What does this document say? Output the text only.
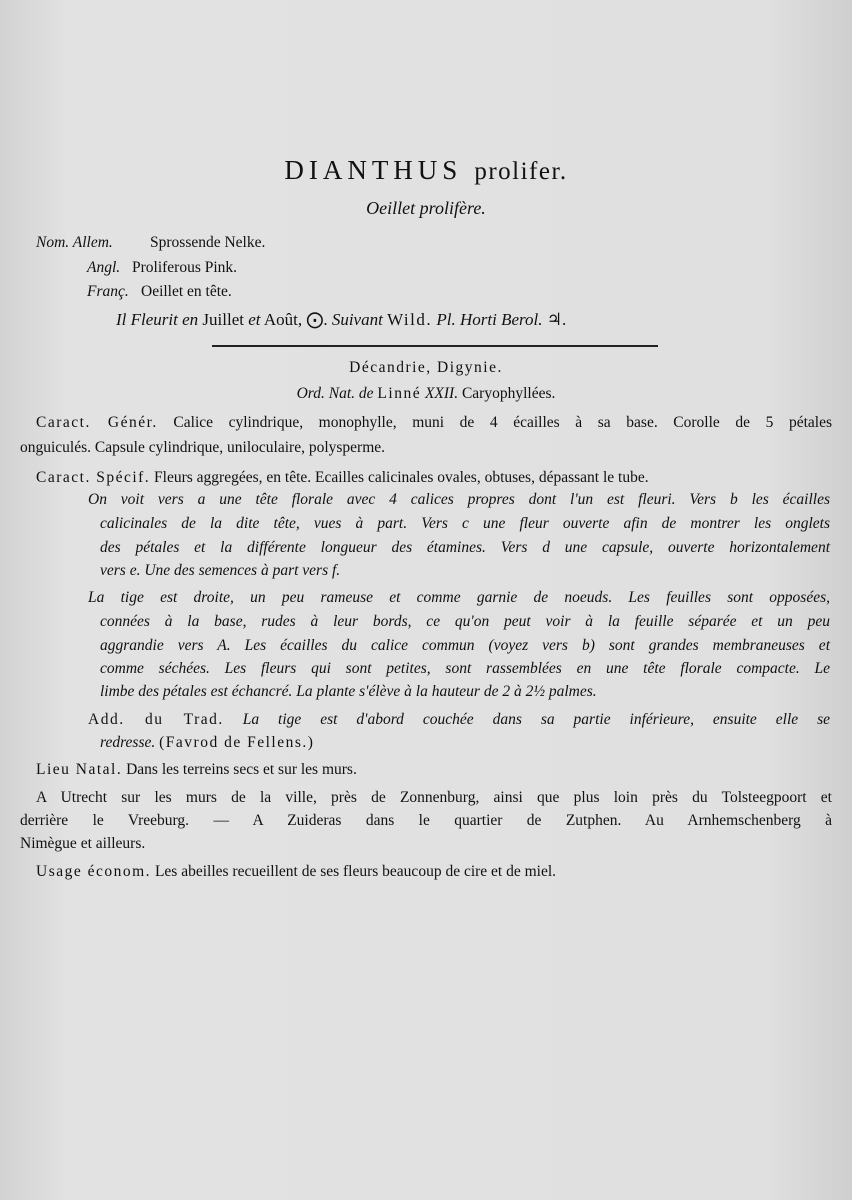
DIANTHUS prolifer.
Oeillet prolifère.
Nom. Allem. Sprossende Nelke.
Angl. Proliferous Pink.
Franç. Oeillet en tête.
Il Fleurit en Juillet et Août, ⨀. Suivant Wild. Pl. Horti Berol. ♃.
Décandrie, Digynie.
Ord. Nat. de Linné XXII. Caryophyllées.
Caract. Génér. Calice cylindrique, monophylle, muni de 4 écailles à sa base. Corolle de 5 pétales
onguiculés. Capsule cylindrique, uniloculaire, polysperme.
Caract. Spécif. Fleurs aggregées, en tête. Ecailles calicinales ovales, obtuses, dépassant le tube.
On voit vers a une tête florale avec 4 calices propres dont l'un est fleuri. Vers b les écailles
calicinales de la dite tête, vues à part. Vers c une fleur ouverte afin de montrer les onglets
des pétales et la différente longueur des étamines. Vers d une capsule, ouverte horizontalement
vers e. Une des semences à part vers f.
La tige est droite, un peu rameuse et comme garnie de noeuds. Les feuilles sont opposées,
connées à la base, rudes à leur bords, ce qu'on peut voir à la feuille séparée et un peu
aggrandie vers A. Les écailles du calice commun (voyez vers b) sont grandes membraneuses et
comme séchées. Les fleurs qui sont petites, sont rassemblées en une tête florale compacte. Le
limbe des pétales est échancré. La plante s'élève à la hauteur de 2 à 2½ palmes.
Add. du Trad. La tige est d'abord couchée dans sa partie inférieure, ensuite elle se
redresse. (Favrod de Fellens.)
Lieu Natal. Dans les terreins secs et sur les murs.
A Utrecht sur les murs de la ville, près de Zonnenburg, ainsi que plus loin près du Tolsteegpoort et
derrière le Vreeburg. — A Zuideras dans le quartier de Zutphen. Au Arnhemschenberg à
Nimègue et ailleurs.
Usage économ. Les abeilles recueillent de ses fleurs beaucoup de cire et de miel.
